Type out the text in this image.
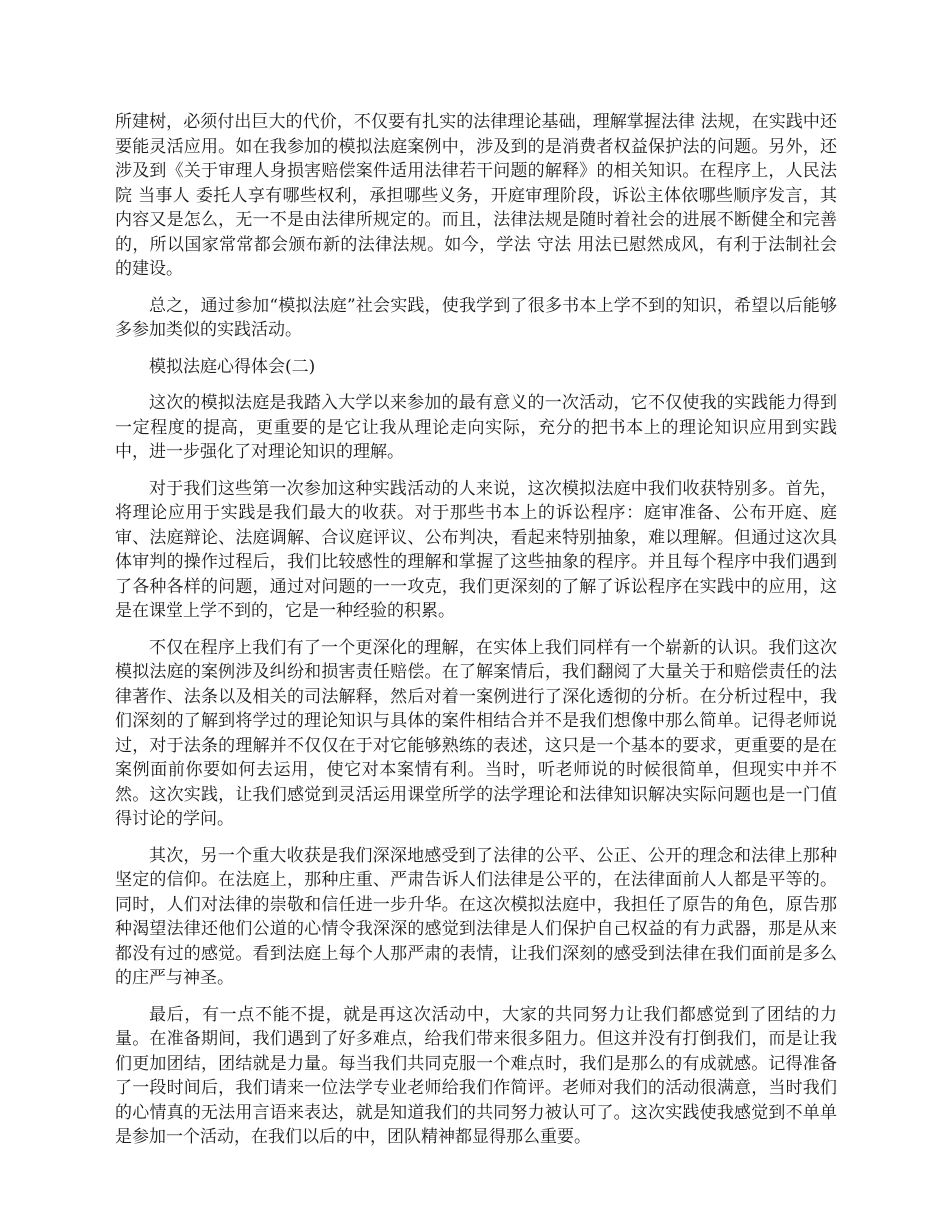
所建树，必须付出巨大的代价，不仅要有扎实的法律理论基础，理解掌握法律 法规，在实践中还要能灵活应用。如在我参加的模拟法庭案例中，涉及到的是消费者权益保护法的问题。另外，还涉及到《关于审理人身损害赔偿案件适用法律若干问题的解释》的相关知识。在程序上，人民法院 当事人 委托人享有哪些权利，承担哪些义务，开庭审理阶段，诉讼主体依哪些顺序发言，其内容又是怎么，无一不是由法律所规定的。而且，法律法规是随时着社会的进展不断健全和完善的，所以国家常常都会颁布新的法律法规。如今，学法 守法 用法已慰然成风，有利于法制社会的建设。

总之，通过参加“模拟法庭”社会实践，使我学到了很多书本上学不到的知识，希望以后能够多参加类似的实践活动。

模拟法庭心得体会(二)

这次的模拟法庭是我踏入大学以来参加的最有意义的一次活动，它不仅使我的实践能力得到一定程度的提高，更重要的是它让我从理论走向实际，充分的把书本上的理论知识应用到实践中，进一步强化了对理论知识的理解。

对于我们这些第一次参加这种实践活动的人来说，这次模拟法庭中我们收获特别多。首先，将理论应用于实践是我们最大的收获。对于那些书本上的诉讼程序：庭审准备、公布开庭、庭审、法庭辩论、法庭调解、合议庭评议、公布判决，看起来特别抽象，难以理解。但通过这次具体审判的操作过程后，我们比较感性的理解和掌握了这些抽象的程序。并且每个程序中我们遇到了各种各样的问题，通过对问题的一一攻克，我们更深刻的了解了诉讼程序在实践中的应用，这是在课堂上学不到的，它是一种经验的积累。

不仅在程序上我们有了一个更深化的理解，在实体上我们同样有一个崭新的认识。我们这次模拟法庭的案例涉及纠纷和损害责任赔偿。在了解案情后，我们翻阅了大量关于和赔偿责任的法律著作、法条以及相关的司法解释，然后对着一案例进行了深化透彻的分析。在分析过程中，我们深刻的了解到将学过的理论知识与具体的案件相结合并不是我们想像中那么简单。记得老师说过，对于法条的理解并不仅仅在于对它能够熟练的表述，这只是一个基本的要求，更重要的是在案例面前你要如何去运用，使它对本案情有利。当时，听老师说的时候很简单，但现实中并不然。这次实践，让我们感觉到灵活运用课堂所学的法学理论和法律知识解决实际问题也是一门值得讨论的学问。

其次，另一个重大收获是我们深深地感受到了法律的公平、公正、公开的理念和法律上那种坚定的信仰。在法庭上，那种庄重、严肃告诉人们法律是公平的，在法律面前人人都是平等的。同时，人们对法律的崇敬和信任进一步升华。在这次模拟法庭中，我担任了原告的角色，原告那种渴望法律还他们公道的心情令我深深的感觉到法律是人们保护自己权益的有力武器，那是从来都没有过的感觉。看到法庭上每个人那严肃的表情，让我们深刻的感受到法律在我们面前是多么的庄严与神圣。

最后，有一点不能不提，就是再这次活动中，大家的共同努力让我们都感觉到了团结的力量。在准备期间，我们遇到了好多难点，给我们带来很多阻力。但这并没有打倒我们，而是让我们更加团结，团结就是力量。每当我们共同克服一个难点时，我们是那么的有成就感。记得准备了一段时间后，我们请来一位法学专业老师给我们作简评。老师对我们的活动很满意，当时我们的心情真的无法用言语来表达，就是知道我们的共同努力被认可了。这次实践使我感觉到不单单是参加一个活动，在我们以后的中，团队精神都显得那么重要。
